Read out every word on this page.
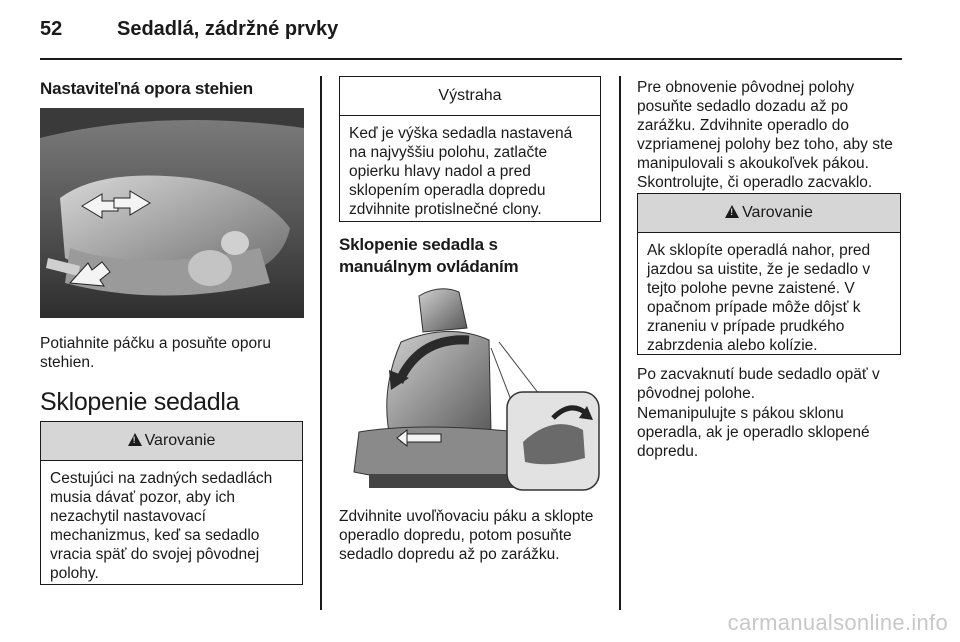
52	Sedadlá, zádržné prvky
Nastaviteľná opora stehien
Potiahnite páčku a posuňte oporu
stehien.
Sklopenie sedadla
!Varovanie
Cestujúci na zadných sedadlách
musia dávať pozor, aby ich
nezachytil nastavovací
mechanizmus, keď sa sedadlo
vracia späť do svojej pôvodnej
polohy.
Výstraha
Keď je výška sedadla nastavená
na najvyššiu polohu, zatlačte
opierku hlavy nadol a pred
sklopením operadla dopredu
zdvihnite protislnečné clony.
Sklopenie sedadla s
manuálnym ovládaním
Zdvihnite uvoľňovaciu páku a sklopte
operadlo dopredu, potom posuňte
sedadlo dopredu až po zarážku.
Pre obnovenie pôvodnej polohy
posuňte sedadlo dozadu až po
zarážku. Zdvihnite operadlo do
vzpriamenej polohy bez toho, aby ste
manipulovali s akoukoľvek pákou.
Skontrolujte, či operadlo zacvaklo.
!Varovanie
Ak sklopíte operadlá nahor, pred
jazdou sa uistite, že je sedadlo v
tejto polohe pevne zaistené. V
opačnom prípade môže dôjsť k
zraneniu v prípade prudkého
zabrzdenia alebo kolízie.
Po zacvaknutí bude sedadlo opäť v
pôvodnej polohe.
Nemanipulujte s pákou sklonu
operadla, ak je operadlo sklopené
dopredu.
carmanualsonline.info
